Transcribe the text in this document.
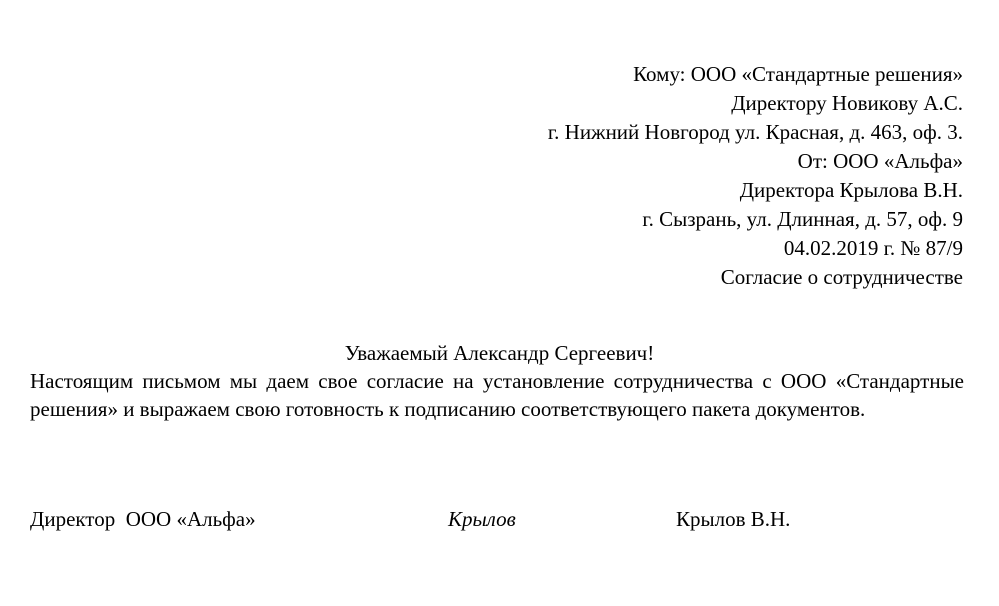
Кому: ООО «Стандартные решения»
Директору Новикову А.С.
г. Нижний Новгород ул. Красная, д. 463, оф. 3.
От: ООО «Альфа»
Директора Крылова В.Н.
г. Сызрань, ул. Длинная, д. 57, оф. 9
04.02.2019 г. № 87/9
Согласие о сотрудничестве
Уважаемый Александр Сергеевич!
Настоящим письмом мы даем свое согласие на установление сотрудничества с ООО «Стандартные решения» и выражаем свою готовность к подписанию соответствующего пакета документов.
Директор  ООО «Альфа»	Крылов	Крылов В.Н.
